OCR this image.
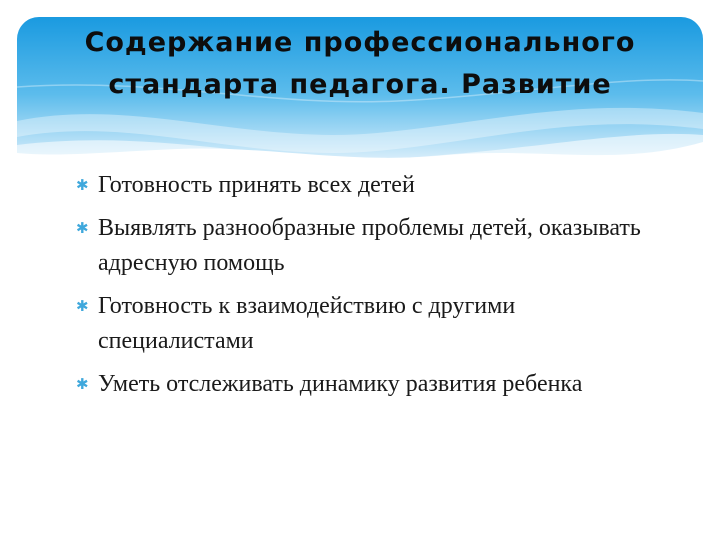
Содержание профессионального стандарта педагога. Развитие
✱ Готовность принять всех детей
✱ Выявлять разнообразные проблемы детей, оказывать адресную помощь
✱ Готовность к взаимодействию с другими специалистами
✱ Уметь отслеживать динамику развития ребенка
